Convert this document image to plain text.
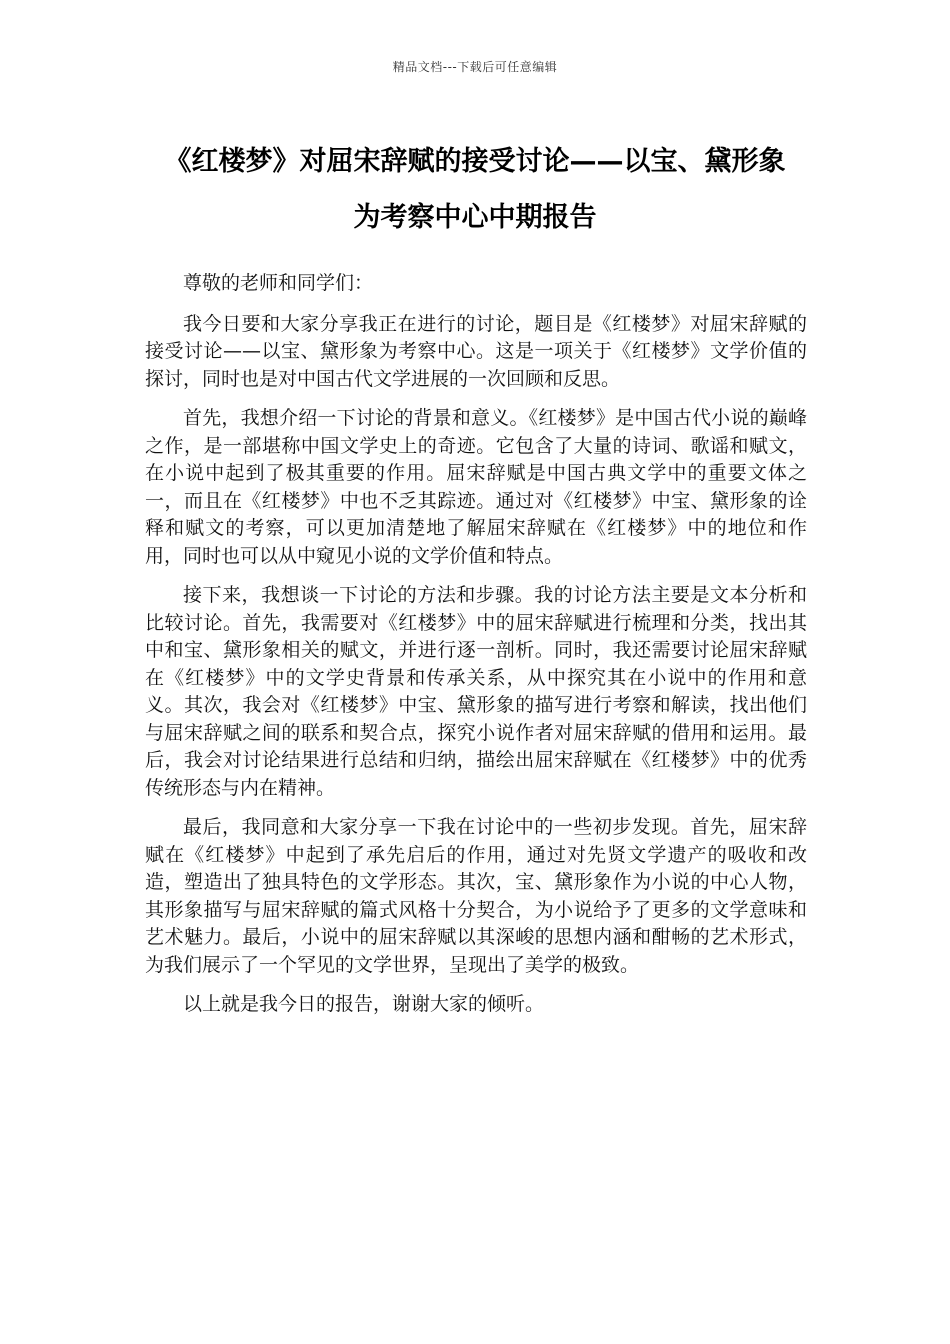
精品文档---下载后可任意编辑
《红楼梦》对屈宋辞赋的接受讨论——以宝、黛形象
为考察中心中期报告

尊敬的老师和同学们：

我今日要和大家分享我正在进行的讨论，题目是《红楼梦》对屈宋辞赋的接受讨论——以宝、黛形象为考察中心。这是一项关于《红楼梦》文学价值的探讨，同时也是对中国古代文学进展的一次回顾和反思。

首先，我想介绍一下讨论的背景和意义。《红楼梦》是中国古代小说的巅峰之作，是一部堪称中国文学史上的奇迹。它包含了大量的诗词、歌谣和赋文，在小说中起到了极其重要的作用。屈宋辞赋是中国古典文学中的重要文体之一，而且在《红楼梦》中也不乏其踪迹。通过对《红楼梦》中宝、黛形象的诠释和赋文的考察，可以更加清楚地了解屈宋辞赋在《红楼梦》中的地位和作用，同时也可以从中窥见小说的文学价值和特点。

接下来，我想谈一下讨论的方法和步骤。我的讨论方法主要是文本分析和比较讨论。首先，我需要对《红楼梦》中的屈宋辞赋进行梳理和分类，找出其中和宝、黛形象相关的赋文，并进行逐一剖析。同时，我还需要讨论屈宋辞赋在《红楼梦》中的文学史背景和传承关系，从中探究其在小说中的作用和意义。其次，我会对《红楼梦》中宝、黛形象的描写进行考察和解读，找出他们与屈宋辞赋之间的联系和契合点，探究小说作者对屈宋辞赋的借用和运用。最后，我会对讨论结果进行总结和归纳，描绘出屈宋辞赋在《红楼梦》中的优秀传统形态与内在精神。

最后，我同意和大家分享一下我在讨论中的一些初步发现。首先，屈宋辞赋在《红楼梦》中起到了承先启后的作用，通过对先贤文学遗产的吸收和改造，塑造出了独具特色的文学形态。其次，宝、黛形象作为小说的中心人物，其形象描写与屈宋辞赋的篇式风格十分契合，为小说给予了更多的文学意味和艺术魅力。最后，小说中的屈宋辞赋以其深峻的思想内涵和酣畅的艺术形式，为我们展示了一个罕见的文学世界，呈现出了美学的极致。

以上就是我今日的报告，谢谢大家的倾听。
